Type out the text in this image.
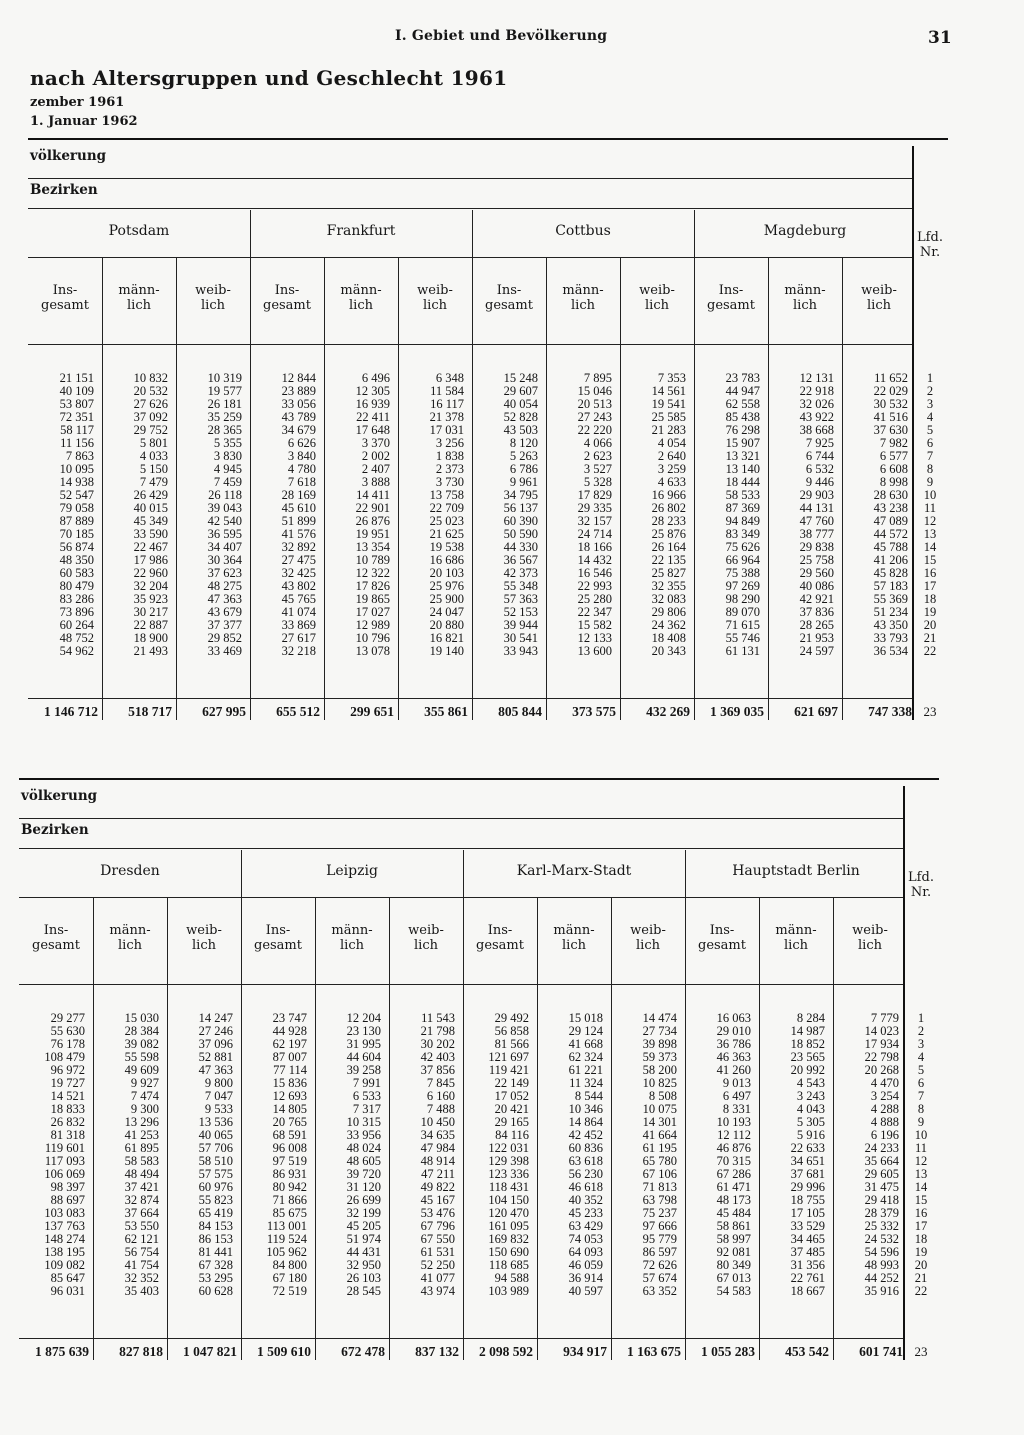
I. Gebiet und Bevölkerung	31
nach Altersgruppen und Geschlecht 1961
zember 1961
1. Januar 1962
völkerung
Bezirken
Lfd.
Nr.
1
2
3
4
5
6
7
8
9
10
11
12
13
14
15
16
17
18
19
20
21
22
23
Potsdam
Ins-
gesamt
21 151
40 109
53 807
72 351
58 117
11 156
7 863
10 095
14 938
52 547
79 058
87 889
70 185
56 874
48 350
60 583
80 479
83 286
73 896
60 264
48 752
54 962
1 146 712
männ-
lich
10 832
20 532
27 626
37 092
29 752
5 801
4 033
5 150
7 479
26 429
40 015
45 349
33 590
22 467
17 986
22 960
32 204
35 923
30 217
22 887
18 900
21 493
518 717
weib-
lich
10 319
19 577
26 181
35 259
28 365
5 355
3 830
4 945
7 459
26 118
39 043
42 540
36 595
34 407
30 364
37 623
48 275
47 363
43 679
37 377
29 852
33 469
627 995
Frankfurt
Ins-
gesamt
12 844
23 889
33 056
43 789
34 679
6 626
3 840
4 780
7 618
28 169
45 610
51 899
41 576
32 892
27 475
32 425
43 802
45 765
41 074
33 869
27 617
32 218
655 512
männ-
lich
6 496
12 305
16 939
22 411
17 648
3 370
2 002
2 407
3 888
14 411
22 901
26 876
19 951
13 354
10 789
12 322
17 826
19 865
17 027
12 989
10 796
13 078
299 651
weib-
lich
6 348
11 584
16 117
21 378
17 031
3 256
1 838
2 373
3 730
13 758
22 709
25 023
21 625
19 538
16 686
20 103
25 976
25 900
24 047
20 880
16 821
19 140
355 861
Cottbus
Ins-
gesamt
15 248
29 607
40 054
52 828
43 503
8 120
5 263
6 786
9 961
34 795
56 137
60 390
50 590
44 330
36 567
42 373
55 348
57 363
52 153
39 944
30 541
33 943
805 844
männ-
lich
7 895
15 046
20 513
27 243
22 220
4 066
2 623
3 527
5 328
17 829
29 335
32 157
24 714
18 166
14 432
16 546
22 993
25 280
22 347
15 582
12 133
13 600
373 575
weib-
lich
7 353
14 561
19 541
25 585
21 283
4 054
2 640
3 259
4 633
16 966
26 802
28 233
25 876
26 164
22 135
25 827
32 355
32 083
29 806
24 362
18 408
20 343
432 269
Magdeburg
Ins-
gesamt
23 783
44 947
62 558
85 438
76 298
15 907
13 321
13 140
18 444
58 533
87 369
94 849
83 349
75 626
66 964
75 388
97 269
98 290
89 070
71 615
55 746
61 131
1 369 035
männ-
lich
12 131
22 918
32 026
43 922
38 668
7 925
6 744
6 532
9 446
29 903
44 131
47 760
38 777
29 838
25 758
29 560
40 086
42 921
37 836
28 265
21 953
24 597
621 697
weib-
lich
11 652
22 029
30 532
41 516
37 630
7 982
6 577
6 608
8 998
28 630
43 238
47 089
44 572
45 788
41 206
45 828
57 183
55 369
51 234
43 350
33 793
36 534
747 338
völkerung
Bezirken
Lfd.
Nr.
1
2
3
4
5
6
7
8
9
10
11
12
13
14
15
16
17
18
19
20
21
22
23
Dresden
Ins-
gesamt
29 277
55 630
76 178
108 479
96 972
19 727
14 521
18 833
26 832
81 318
119 601
117 093
106 069
98 397
88 697
103 083
137 763
148 274
138 195
109 082
85 647
96 031
1 875 639
männ-
lich
15 030
28 384
39 082
55 598
49 609
9 927
7 474
9 300
13 296
41 253
61 895
58 583
48 494
37 421
32 874
37 664
53 550
62 121
56 754
41 754
32 352
35 403
827 818
weib-
lich
14 247
27 246
37 096
52 881
47 363
9 800
7 047
9 533
13 536
40 065
57 706
58 510
57 575
60 976
55 823
65 419
84 153
86 153
81 441
67 328
53 295
60 628
1 047 821
Leipzig
Ins-
gesamt
23 747
44 928
62 197
87 007
77 114
15 836
12 693
14 805
20 765
68 591
96 008
97 519
86 931
80 942
71 866
85 675
113 001
119 524
105 962
84 800
67 180
72 519
1 509 610
männ-
lich
12 204
23 130
31 995
44 604
39 258
7 991
6 533
7 317
10 315
33 956
48 024
48 605
39 720
31 120
26 699
32 199
45 205
51 974
44 431
32 950
26 103
28 545
672 478
weib-
lich
11 543
21 798
30 202
42 403
37 856
7 845
6 160
7 488
10 450
34 635
47 984
48 914
47 211
49 822
45 167
53 476
67 796
67 550
61 531
52 250
41 077
43 974
837 132
Karl-Marx-Stadt
Ins-
gesamt
29 492
56 858
81 566
121 697
119 421
22 149
17 052
20 421
29 165
84 116
122 031
129 398
123 336
118 431
104 150
120 470
161 095
169 832
150 690
118 685
94 588
103 989
2 098 592
männ-
lich
15 018
29 124
41 668
62 324
61 221
11 324
8 544
10 346
14 864
42 452
60 836
63 618
56 230
46 618
40 352
45 233
63 429
74 053
64 093
46 059
36 914
40 597
934 917
weib-
lich
14 474
27 734
39 898
59 373
58 200
10 825
8 508
10 075
14 301
41 664
61 195
65 780
67 106
71 813
63 798
75 237
97 666
95 779
86 597
72 626
57 674
63 352
1 163 675
Hauptstadt Berlin
Ins-
gesamt
16 063
29 010
36 786
46 363
41 260
9 013
6 497
8 331
10 193
12 112
46 876
70 315
67 286
61 471
48 173
45 484
58 861
58 997
92 081
80 349
67 013
54 583
1 055 283
männ-
lich
8 284
14 987
18 852
23 565
20 992
4 543
3 243
4 043
5 305
5 916
22 633
34 651
37 681
29 996
18 755
17 105
33 529
34 465
37 485
31 356
22 761
18 667
453 542
weib-
lich
7 779
14 023
17 934
22 798
20 268
4 470
3 254
4 288
4 888
6 196
24 233
35 664
29 605
31 475
29 418
28 379
25 332
24 532
54 596
48 993
44 252
35 916
601 741
